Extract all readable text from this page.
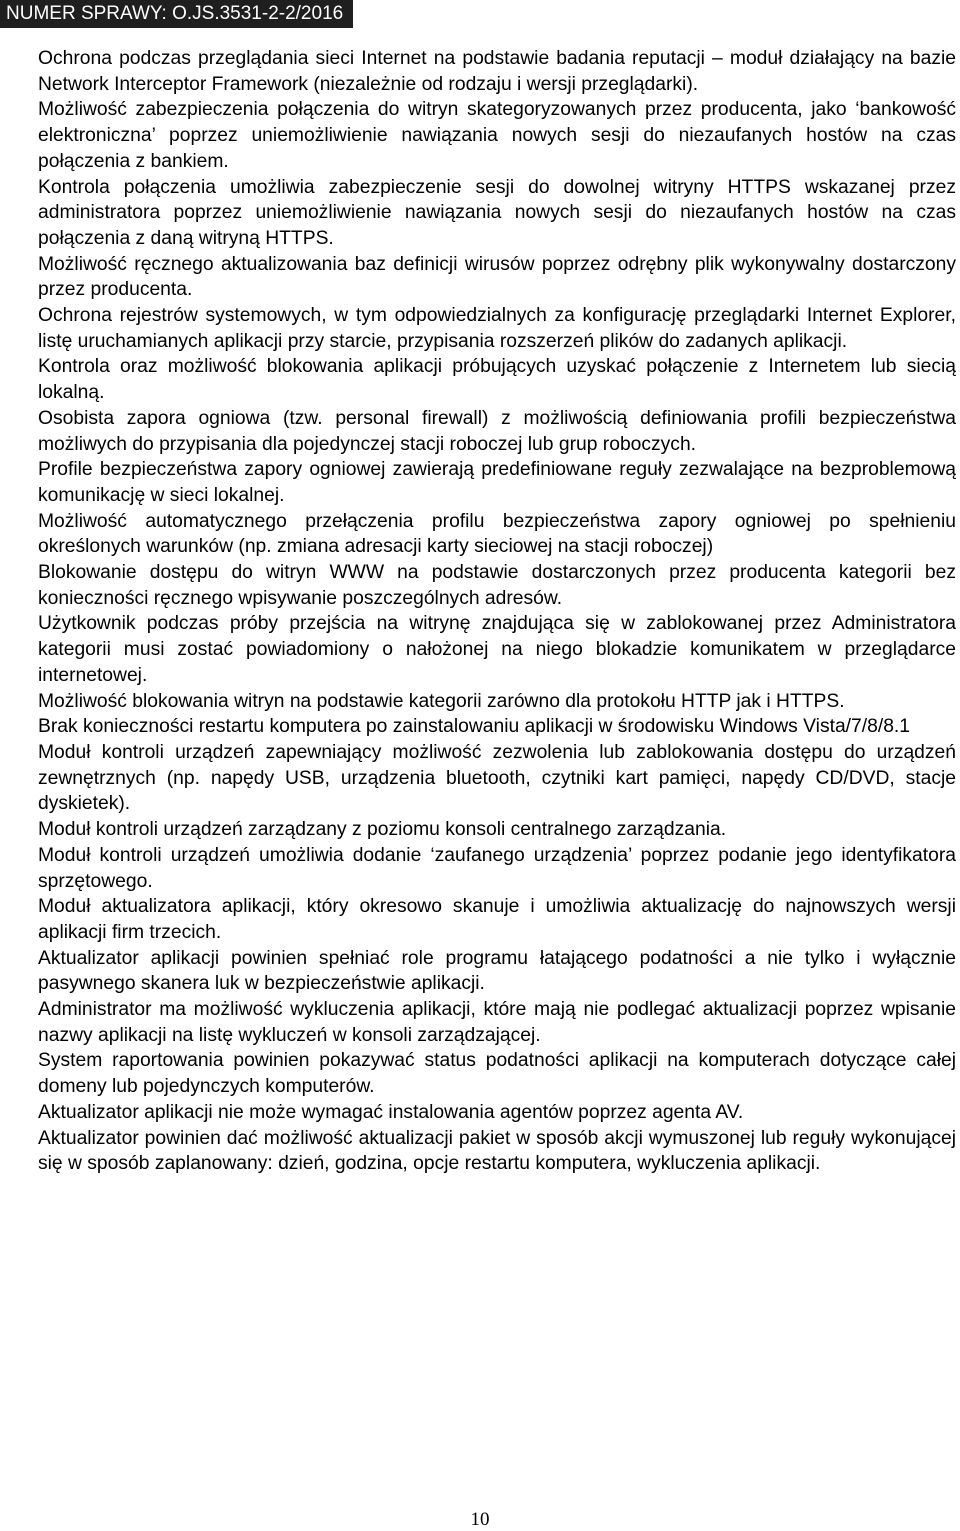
NUMER SPRAWY: O.JS.3531-2-2/2016

Ochrona podczas przeglądania sieci Internet na podstawie badania reputacji – moduł działający na bazie Network Interceptor Framework (niezależnie od rodzaju i wersji przeglądarki).

Możliwość zabezpieczenia połączenia do witryn skategoryzowanych przez producenta, jako ‘bankowość elektroniczna’ poprzez uniemożliwienie nawiązania nowych sesji do niezaufanych hostów na czas połączenia z bankiem.

Kontrola połączenia umożliwia zabezpieczenie sesji do dowolnej witryny HTTPS wskazanej przez administratora poprzez uniemożliwienie nawiązania nowych sesji do niezaufanych hostów na czas połączenia z daną witryną HTTPS.

Możliwość ręcznego aktualizowania baz definicji wirusów poprzez odrębny plik wykonywalny dostarczony przez producenta.

Ochrona rejestrów systemowych, w tym odpowiedzialnych za konfigurację przeglądarki Internet Explorer, listę uruchamianych aplikacji przy starcie, przypisania rozszerzeń plików do zadanych aplikacji.

Kontrola oraz możliwość blokowania aplikacji próbujących uzyskać połączenie z Internetem lub siecią lokalną.

Osobista zapora ogniowa (tzw. personal firewall) z możliwością definiowania profili bezpieczeństwa możliwych do przypisania dla pojedynczej stacji roboczej lub grup roboczych.

Profile bezpieczeństwa zapory ogniowej zawierają predefiniowane reguły zezwalające na bezproblemową komunikację w sieci lokalnej.

Możliwość automatycznego przełączenia profilu bezpieczeństwa zapory ogniowej po spełnieniu określonych warunków (np. zmiana adresacji karty sieciowej na stacji roboczej)

Blokowanie dostępu do witryn WWW na podstawie dostarczonych przez producenta kategorii bez konieczności ręcznego wpisywanie poszczególnych adresów.

Użytkownik podczas próby przejścia na witrynę znajdująca się w zablokowanej przez Administratora kategorii musi zostać powiadomiony o nałożonej na niego blokadzie komunikatem w przeglądarce internetowej.

Możliwość blokowania witryn na podstawie kategorii zarówno dla protokołu HTTP jak i HTTPS.

Brak konieczności restartu komputera po zainstalowaniu aplikacji w środowisku Windows Vista/7/8/8.1

Moduł kontroli urządzeń zapewniający możliwość zezwolenia lub zablokowania dostępu do urządzeń zewnętrznych (np. napędy USB, urządzenia bluetooth, czytniki kart pamięci, napędy CD/DVD, stacje dyskietek).

Moduł kontroli urządzeń zarządzany z poziomu konsoli centralnego zarządzania.

Moduł kontroli urządzeń umożliwia dodanie ‘zaufanego urządzenia’ poprzez podanie jego identyfikatora sprzętowego.

Moduł aktualizatora aplikacji, który okresowo skanuje i umożliwia aktualizację do najnowszych wersji aplikacji firm trzecich.

Aktualizator aplikacji powinien spełniać role programu łatającego podatności a nie tylko i wyłącznie pasywnego skanera luk w bezpieczeństwie aplikacji.

Administrator ma możliwość wykluczenia aplikacji, które mają nie podlegać aktualizacji poprzez wpisanie nazwy aplikacji na listę wykluczeń w konsoli zarządzającej.

System raportowania powinien pokazywać status podatności aplikacji na komputerach dotyczące całej domeny lub pojedynczych komputerów.

Aktualizator aplikacji nie może wymagać instalowania agentów poprzez agenta AV.

Aktualizator powinien dać możliwość aktualizacji pakiet w sposób akcji wymuszonej lub reguły wykonującej się w sposób zaplanowany: dzień, godzina, opcje restartu komputera, wykluczenia aplikacji.

10
